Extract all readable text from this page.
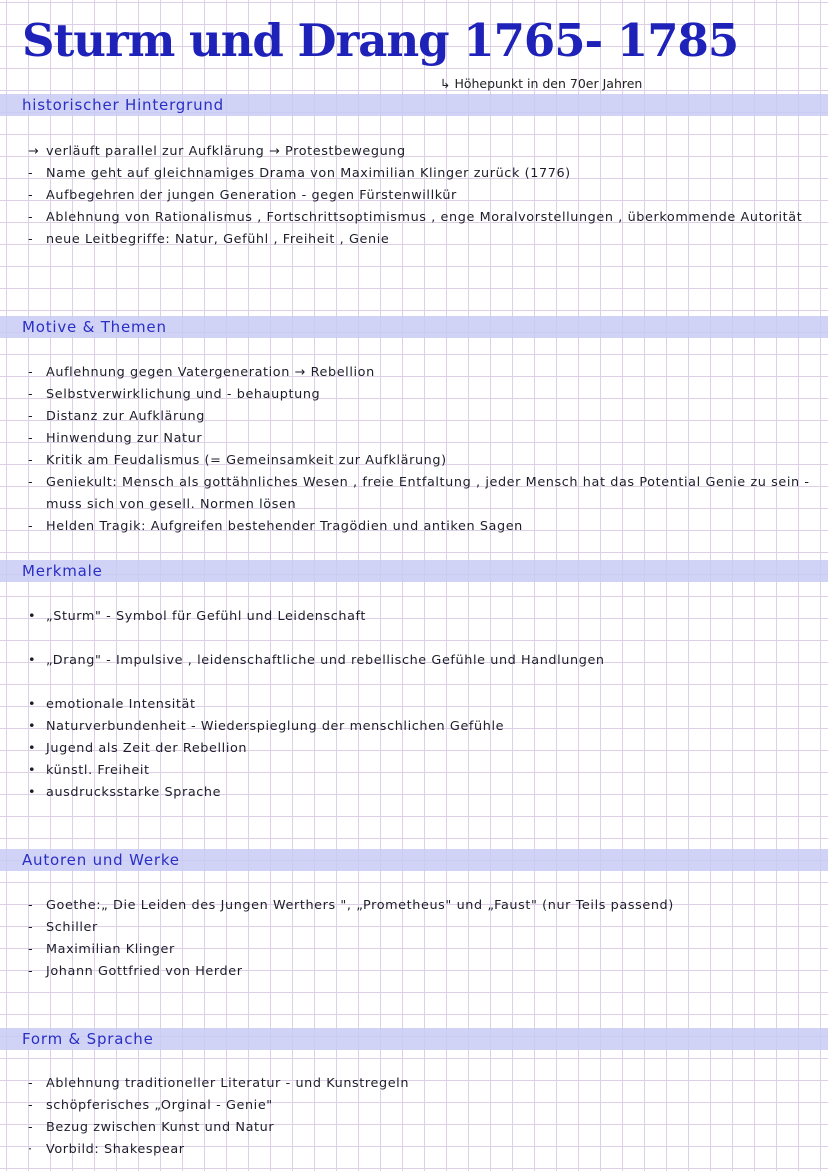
Sturm und Drang 1765- 1785
↳ Höhepunkt in den 70er Jahren
historischer Hintergrund
→ verläuft parallel zur Aufklärung → Protestbewegung
- Name geht auf gleichnamiges Drama von Maximilian Klinger zurück (1776)
- Aufbegehren der jungen Generation - gegen Fürstenwillkür
- Ablehnung von Rationalismus , Fortschrittsoptimismus , enge Moralvorstellungen , überkommende Autorität
- neue Leitbegriffe: Natur, Gefühl , Freiheit , Genie
Motive & Themen
- Auflehnung gegen Vatergeneration → Rebellion
- Selbstverwirklichung und - behauptung
- Distanz zur Aufklärung
- Hinwendung zur Natur
- Kritik am Feudalismus (= Gemeinsamkeit zur Aufklärung)
- Geniekult: Mensch als gottähnliches Wesen , freie Entfaltung , jeder Mensch hat das Potential Genie zu sein - muss sich von gesell. Normen lösen
- Helden Tragik: Aufgreifen bestehender Tragödien und antiken Sagen
Merkmale
• „Sturm" - Symbol für Gefühl und Leidenschaft
• „Drang" - Impulsive , leidenschaftliche und rebellische Gefühle und Handlungen
• emotionale Intensität
• Naturverbundenheit - Wiederspieglung der menschlichen Gefühle
• Jugend als Zeit der Rebellion
• künstl. Freiheit
• ausdrucksstarke Sprache
Autoren und Werke
- Goethe:„ Die Leiden des Jungen Werthers ", „Prometheus" und „Faust" (nur Teils passend)
- Schiller
- Maximilian Klinger
- Johann Gottfried von Herder
Form & Sprache
- Ablehnung traditioneller Literatur - und Kunstregeln
- schöpferisches „Orginal - Genie"
- Bezug zwischen Kunst und Natur
·	Vorbild: Shakespear
